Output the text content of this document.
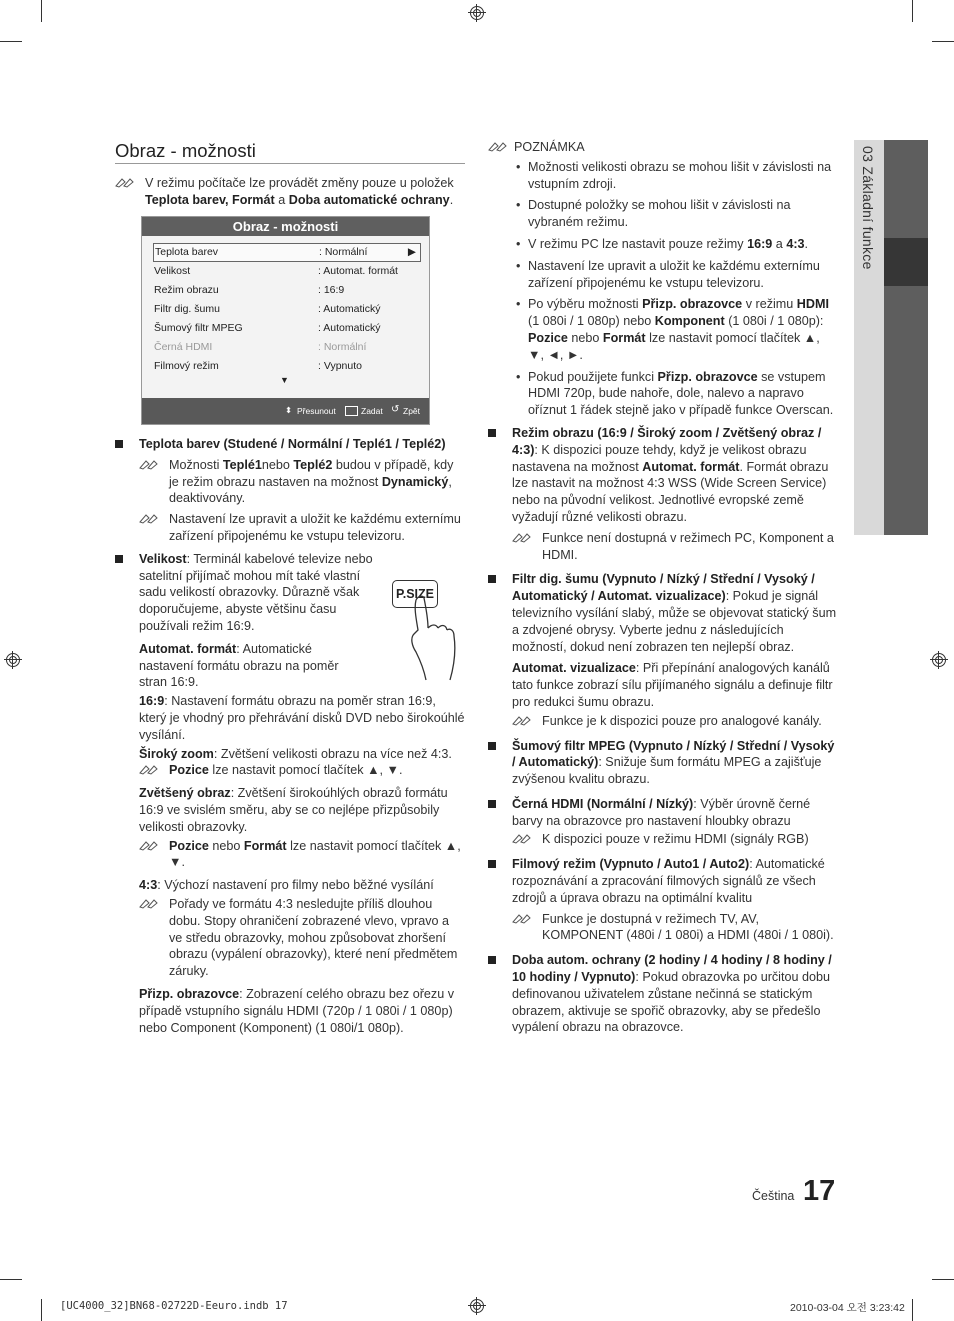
03 Základní funkce
Obraz - možnosti
V režimu počítače lze provádět změny pouze u položek Teplota barev, Formát a Doba automatické ochrany.
Obraz - možnosti
Teplota barev	: Normální	▶
Velikost	: Automat. formát
Režim obrazu	: 16:9
Filtr dig. šumu	: Automatický
Šumový filtr MPEG	: Automatický
Černá HDMI	: Normální
Filmový režim	: Vypnuto
▼
⬍ Přesunout	Zadat ↺ Zpět
Teplota barev (Studené / Normální / Teplé1 / Teplé2)
Možnosti Teplé1nebo Teplé2 budou v případě, kdy je režim obrazu nastaven na možnost Dynamický, deaktivovány.
Nastavení lze upravit a uložit ke každému externímu zařízení připojenému ke vstupu televizoru.
Velikost: Terminál kabelové televize nebo satelitní přijímač mohou mít také vlastní sadu velikostí obrazovky. Důrazně však doporučujeme, abyste většinu času používali režim 16:9.

Automat. formát: Automatické nastavení formátu obrazu na poměr stran 16:9.

16:9: Nastavení formátu obrazu na poměr stran 16:9, který je vhodný pro přehrávání disků DVD nebo širokoúhlé vysílání.

Široký zoom: Zvětšení velikosti obrazu na více než 4:3.

Pozice lze nastavit pomocí tlačítek ▲, ▼.

Zvětšený obraz: Zvětšení širokoúhlých obrazů formátu 16:9 ve svislém směru, aby se co nejlépe přizpůsobily velikosti obrazovky.

Pozice nebo Formát lze nastavit pomocí tlačítek ▲, ▼.

4:3: Výchozí nastavení pro filmy nebo běžné vysílání

Pořady ve formátu 4:3 nesledujte příliš dlouhou dobu. Stopy ohraničení zobrazené vlevo, vpravo a ve středu obrazovky, mohou způsobovat zhoršení obrazu (vypálení obrazovky), které není předmětem záruky.

Přizp. obrazovce: Zobrazení celého obrazu bez ořezu v případě vstupního signálu HDMI (720p / 1 080i / 1 080p) nebo Component (Komponent) (1 080i/1 080p).

P.SIZE
POZNÁMKA
• Možnosti velikosti obrazu se mohou lišit v závislosti na vstupním zdroji.
• Dostupné položky se mohou lišit v závislosti na vybraném režimu.
• V režimu PC lze nastavit pouze režimy 16:9 a 4:3.
• Nastavení lze upravit a uložit ke každému externímu zařízení připojenému ke vstupu televizoru.
• Po výběru možnosti Přizp. obrazovce v režimu HDMI (1 080i / 1 080p) nebo Komponent (1 080i / 1 080p): Pozice nebo Formát lze nastavit pomocí tlačítek ▲, ▼, ◄, ►.
• Pokud použijete funkci Přizp. obrazovce se vstupem HDMI 720p, bude nahoře, dole, nalevo a napravo oříznut 1 řádek stejně jako v případě funkce Overscan.
Režim obrazu (16:9 / Široký zoom / Zvětšený obraz / 4:3): K dispozici pouze tehdy, když je velikost obrazu nastavena na možnost Automat. formát. Formát obrazu lze nastavit na možnost 4:3 WSS (Wide Screen Service) nebo na původní velikost. Jednotlivé evropské země vyžadují různé velikosti obrazu.
Funkce není dostupná v režimech PC, Komponent a HDMI.
Filtr dig. šumu (Vypnuto / Nízký / Střední / Vysoký / Automatický / Automat. vizualizace): Pokud je signál televizního vysílání slabý, může se objevovat statický šum a zdvojené obrysy. Vyberte jednu z následujících možností, dokud není zobrazen ten nejlepší obraz.

Automat. vizualizace: Při přepínání analogových kanálů tato funkce zobrazí sílu přijímaného signálu a definuje filtr pro redukci šumu obrazu.

Funkce je k dispozici pouze pro analogové kanály.
Šumový filtr MPEG (Vypnuto / Nízký / Střední / Vysoký / Automatický): Snižuje šum formátu MPEG a zajišťuje zvýšenou kvalitu obrazu.
Černá HDMI (Normální / Nízký): Výběr úrovně černé barvy na obrazovce pro nastavení hloubky obrazu
K dispozici pouze v režimu HDMI (signály RGB)
Filmový režim (Vypnuto / Auto1 / Auto2): Automatické rozpoznávání a zpracování filmových signálů ze všech zdrojů a úprava obrazu na optimální kvalitu
Funkce je dostupná v režimech TV, AV, KOMPONENT (480i / 1 080i) a HDMI (480i / 1 080i).
Doba autom. ochrany (2 hodiny / 4 hodiny / 8 hodiny / 10 hodiny / Vypnuto): Pokud obrazovka po určitou dobu definovanou uživatelem zůstane nečinná se statickým obrazem, aktivuje se spořič obrazovky, aby se předešlo vypálení obrazu na obrazovce.
Čeština 17
[UC4000_32]BN68-02722D-Eeuro.indb 17	2010-03-04 오전 3:23:42
